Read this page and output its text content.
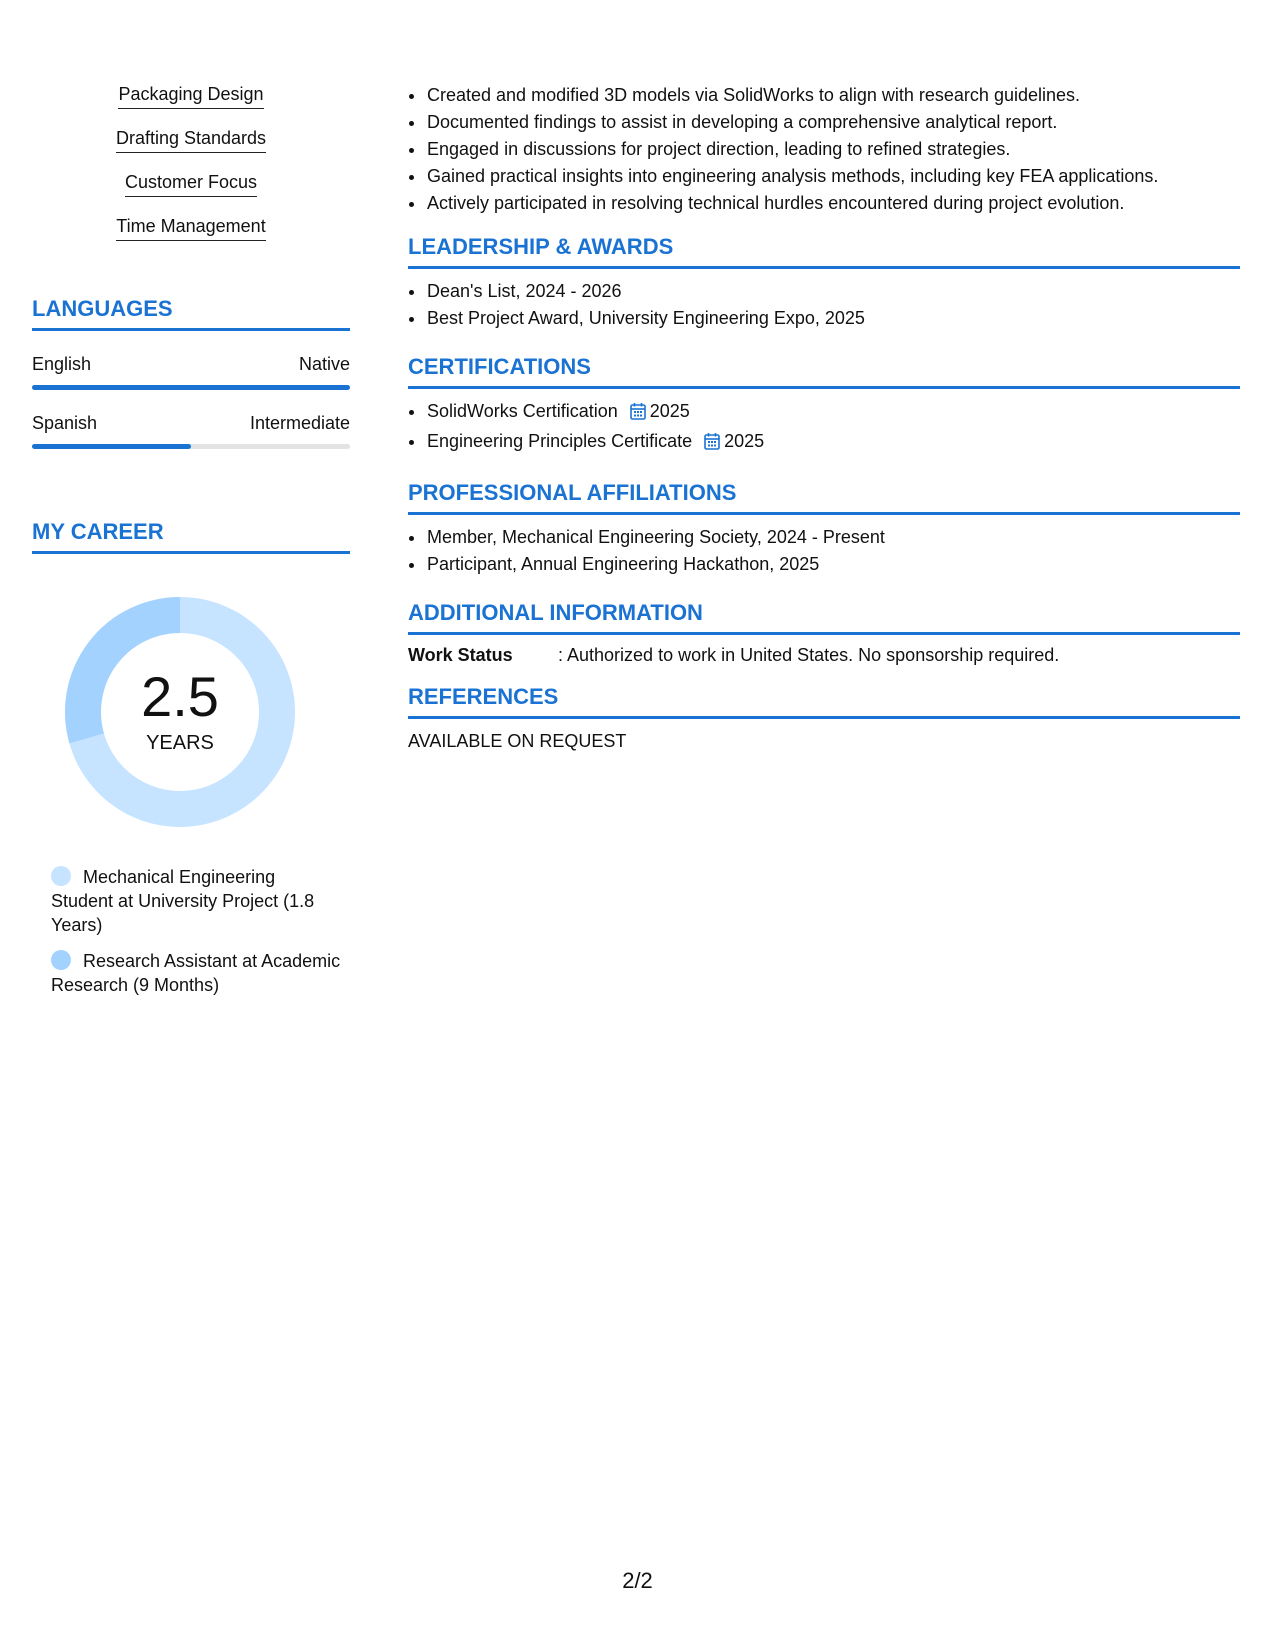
Packaging Design
Drafting Standards
Customer Focus
Time Management
LANGUAGES
English	Native
Spanish	Intermediate
MY CAREER
2.5
YEARS
Mechanical Engineering Student at University Project (1.8 Years)
Research Assistant at Academic Research (9 Months)
• Created and modified 3D models via SolidWorks to align with research guidelines.
• Documented findings to assist in developing a comprehensive analytical report.
• Engaged in discussions for project direction, leading to refined strategies.
• Gained practical insights into engineering analysis methods, including key FEA applications.
• Actively participated in resolving technical hurdles encountered during project evolution.
LEADERSHIP & AWARDS
• Dean's List, 2024 - 2026
• Best Project Award, University Engineering Expo, 2025
CERTIFICATIONS
• SolidWorks Certification 2025
• Engineering Principles Certificate 2025
PROFESSIONAL AFFILIATIONS
• Member, Mechanical Engineering Society, 2024 - Present
• Participant, Annual Engineering Hackathon, 2025
ADDITIONAL INFORMATION
Work Status	: Authorized to work in United States. No sponsorship required.
REFERENCES
AVAILABLE ON REQUEST
2/2
